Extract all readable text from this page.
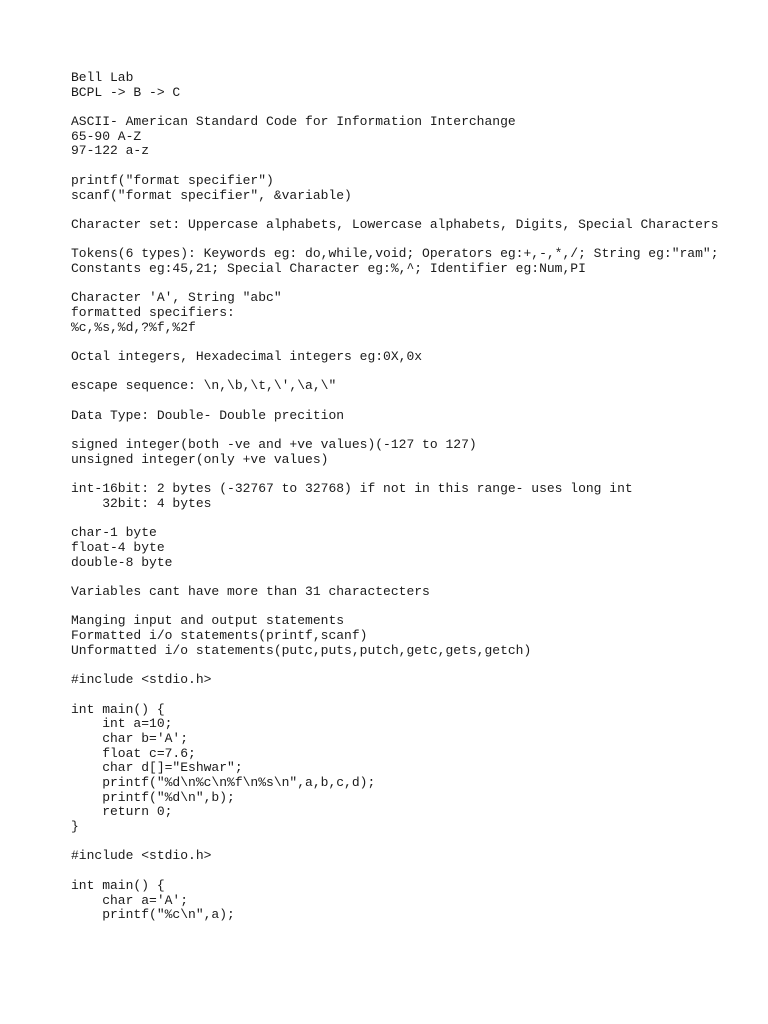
Bell Lab
BCPL -> B -> C
ASCII- American Standard Code for Information Interchange
65-90 A-Z
97-122 a-z
printf("format specifier")
scanf("format specifier", &variable)
Character set: Uppercase alphabets, Lowercase alphabets, Digits, Special Characters
Tokens(6 types): Keywords eg: do,while,void; Operators eg:+,-,*,/; String eg:"ram";
Constants eg:45,21; Special Character eg:%,^; Identifier eg:Num,PI
Character 'A', String "abc"
formatted specifiers:
%c,%s,%d,?%f,%2f
Octal integers, Hexadecimal integers eg:0X,0x
escape sequence: \n,\b,\t,\',\a,\"
Data Type: Double- Double precition
signed integer(both -ve and +ve values)(-127 to 127)
unsigned integer(only +ve values)
int-16bit: 2 bytes (-32767 to 32768) if not in this range- uses long int
32bit: 4 bytes
char-1 byte
float-4 byte
double-8 byte
Variables cant have more than 31 charactecters
Manging input and output statements
Formatted i/o statements(printf,scanf)
Unformatted i/o statements(putc,puts,putch,getc,gets,getch)
#include <stdio.h>
int main() {
int a=10;
char b='A';
float c=7.6;
char d[]="Eshwar";
printf("%d\n%c\n%f\n%s\n",a,b,c,d);
printf("%d\n",b);
return 0;
}
#include <stdio.h>
int main() {
char a='A';
printf("%c\n",a);
